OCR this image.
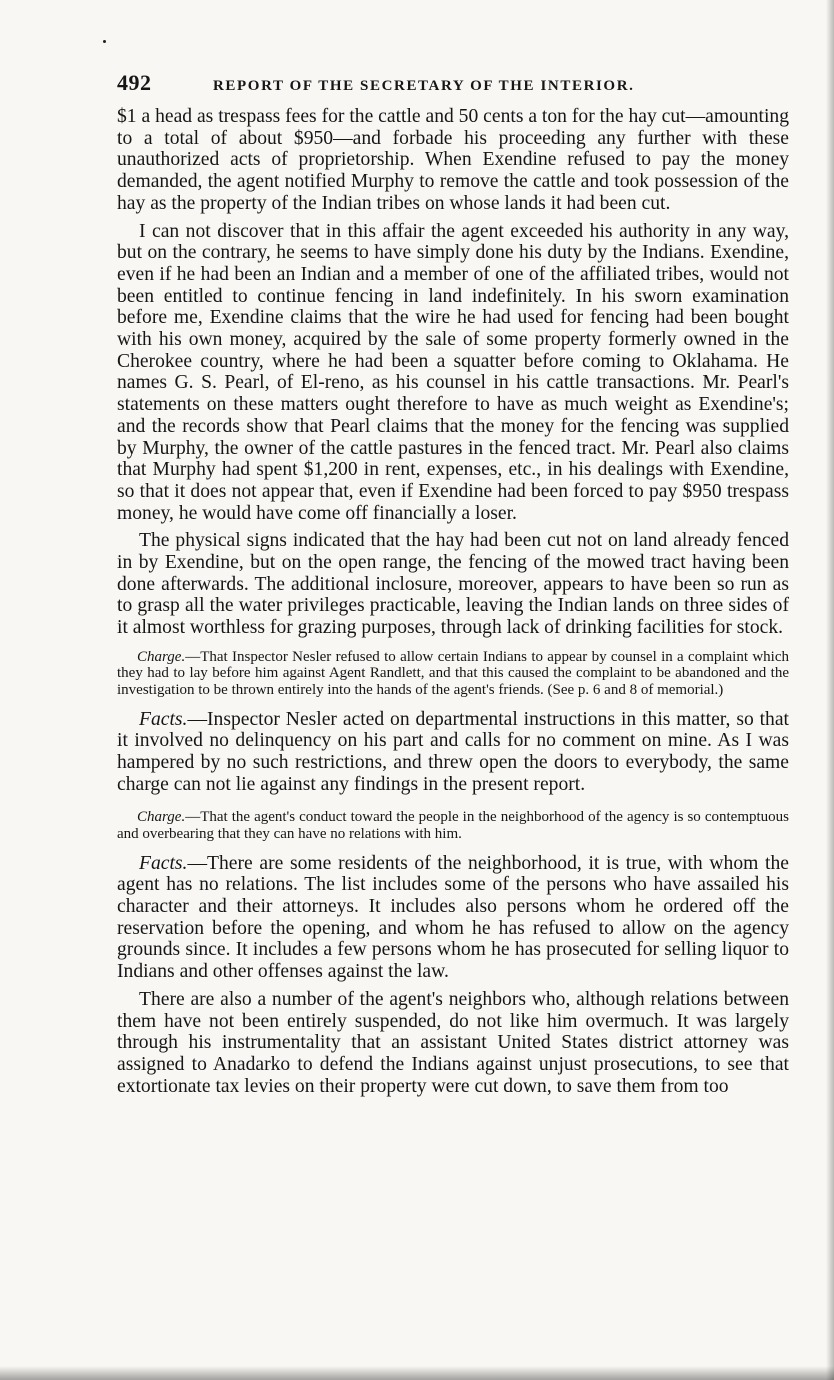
492	REPORT OF THE SECRETARY OF THE INTERIOR.

$1 a head as trespass fees for the cattle and 50 cents a ton for the hay cut—amounting to a total of about $950—and forbade his proceeding any further with these unauthorized acts of proprietorship. When Exendine refused to pay the money demanded, the agent notified Murphy to remove the cattle and took possession of the hay as the property of the Indian tribes on whose lands it had been cut.

I can not discover that in this affair the agent exceeded his authority in any way, but on the contrary, he seems to have simply done his duty by the Indians. Exendine, even if he had been an Indian and a member of one of the affiliated tribes, would not been entitled to continue fencing in land indefinitely. In his sworn examination before me, Exendine claims that the wire he had used for fencing had been bought with his own money, acquired by the sale of some property formerly owned in the Cherokee country, where he had been a squatter before coming to Oklahama. He names G. S. Pearl, of El-reno, as his counsel in his cattle transactions. Mr. Pearl's statements on these matters ought therefore to have as much weight as Exendine's; and the records show that Pearl claims that the money for the fencing was supplied by Murphy, the owner of the cattle pastures in the fenced tract. Mr. Pearl also claims that Murphy had spent $1,200 in rent, expenses, etc., in his dealings with Exendine, so that it does not appear that, even if Exendine had been forced to pay $950 trespass money, he would have come off financially a loser.

The physical signs indicated that the hay had been cut not on land already fenced in by Exendine, but on the open range, the fencing of the mowed tract having been done afterwards. The additional inclosure, moreover, appears to have been so run as to grasp all the water privileges practicable, leaving the Indian lands on three sides of it almost worthless for grazing purposes, through lack of drinking facilities for stock.

Charge.—That Inspector Nesler refused to allow certain Indians to appear by counsel in a complaint which they had to lay before him against Agent Randlett, and that this caused the complaint to be abandoned and the investigation to be thrown entirely into the hands of the agent's friends. (See p. 6 and 8 of memorial.)

Facts.—Inspector Nesler acted on departmental instructions in this matter, so that it involved no delinquency on his part and calls for no comment on mine. As I was hampered by no such restrictions, and threw open the doors to everybody, the same charge can not lie against any findings in the present report.

Charge.—That the agent's conduct toward the people in the neighborhood of the agency is so contemptuous and overbearing that they can have no relations with him.

Facts.—There are some residents of the neighborhood, it is true, with whom the agent has no relations. The list includes some of the persons who have assailed his character and their attorneys. It includes also persons whom he ordered off the reservation before the opening, and whom he has refused to allow on the agency grounds since. It includes a few persons whom he has prosecuted for selling liquor to Indians and other offenses against the law.

There are also a number of the agent's neighbors who, although relations between them have not been entirely suspended, do not like him overmuch. It was largely through his instrumentality that an assistant United States district attorney was assigned to Anadarko to defend the Indians against unjust prosecutions, to see that extortionate tax levies on their property were cut down, to save them from too
